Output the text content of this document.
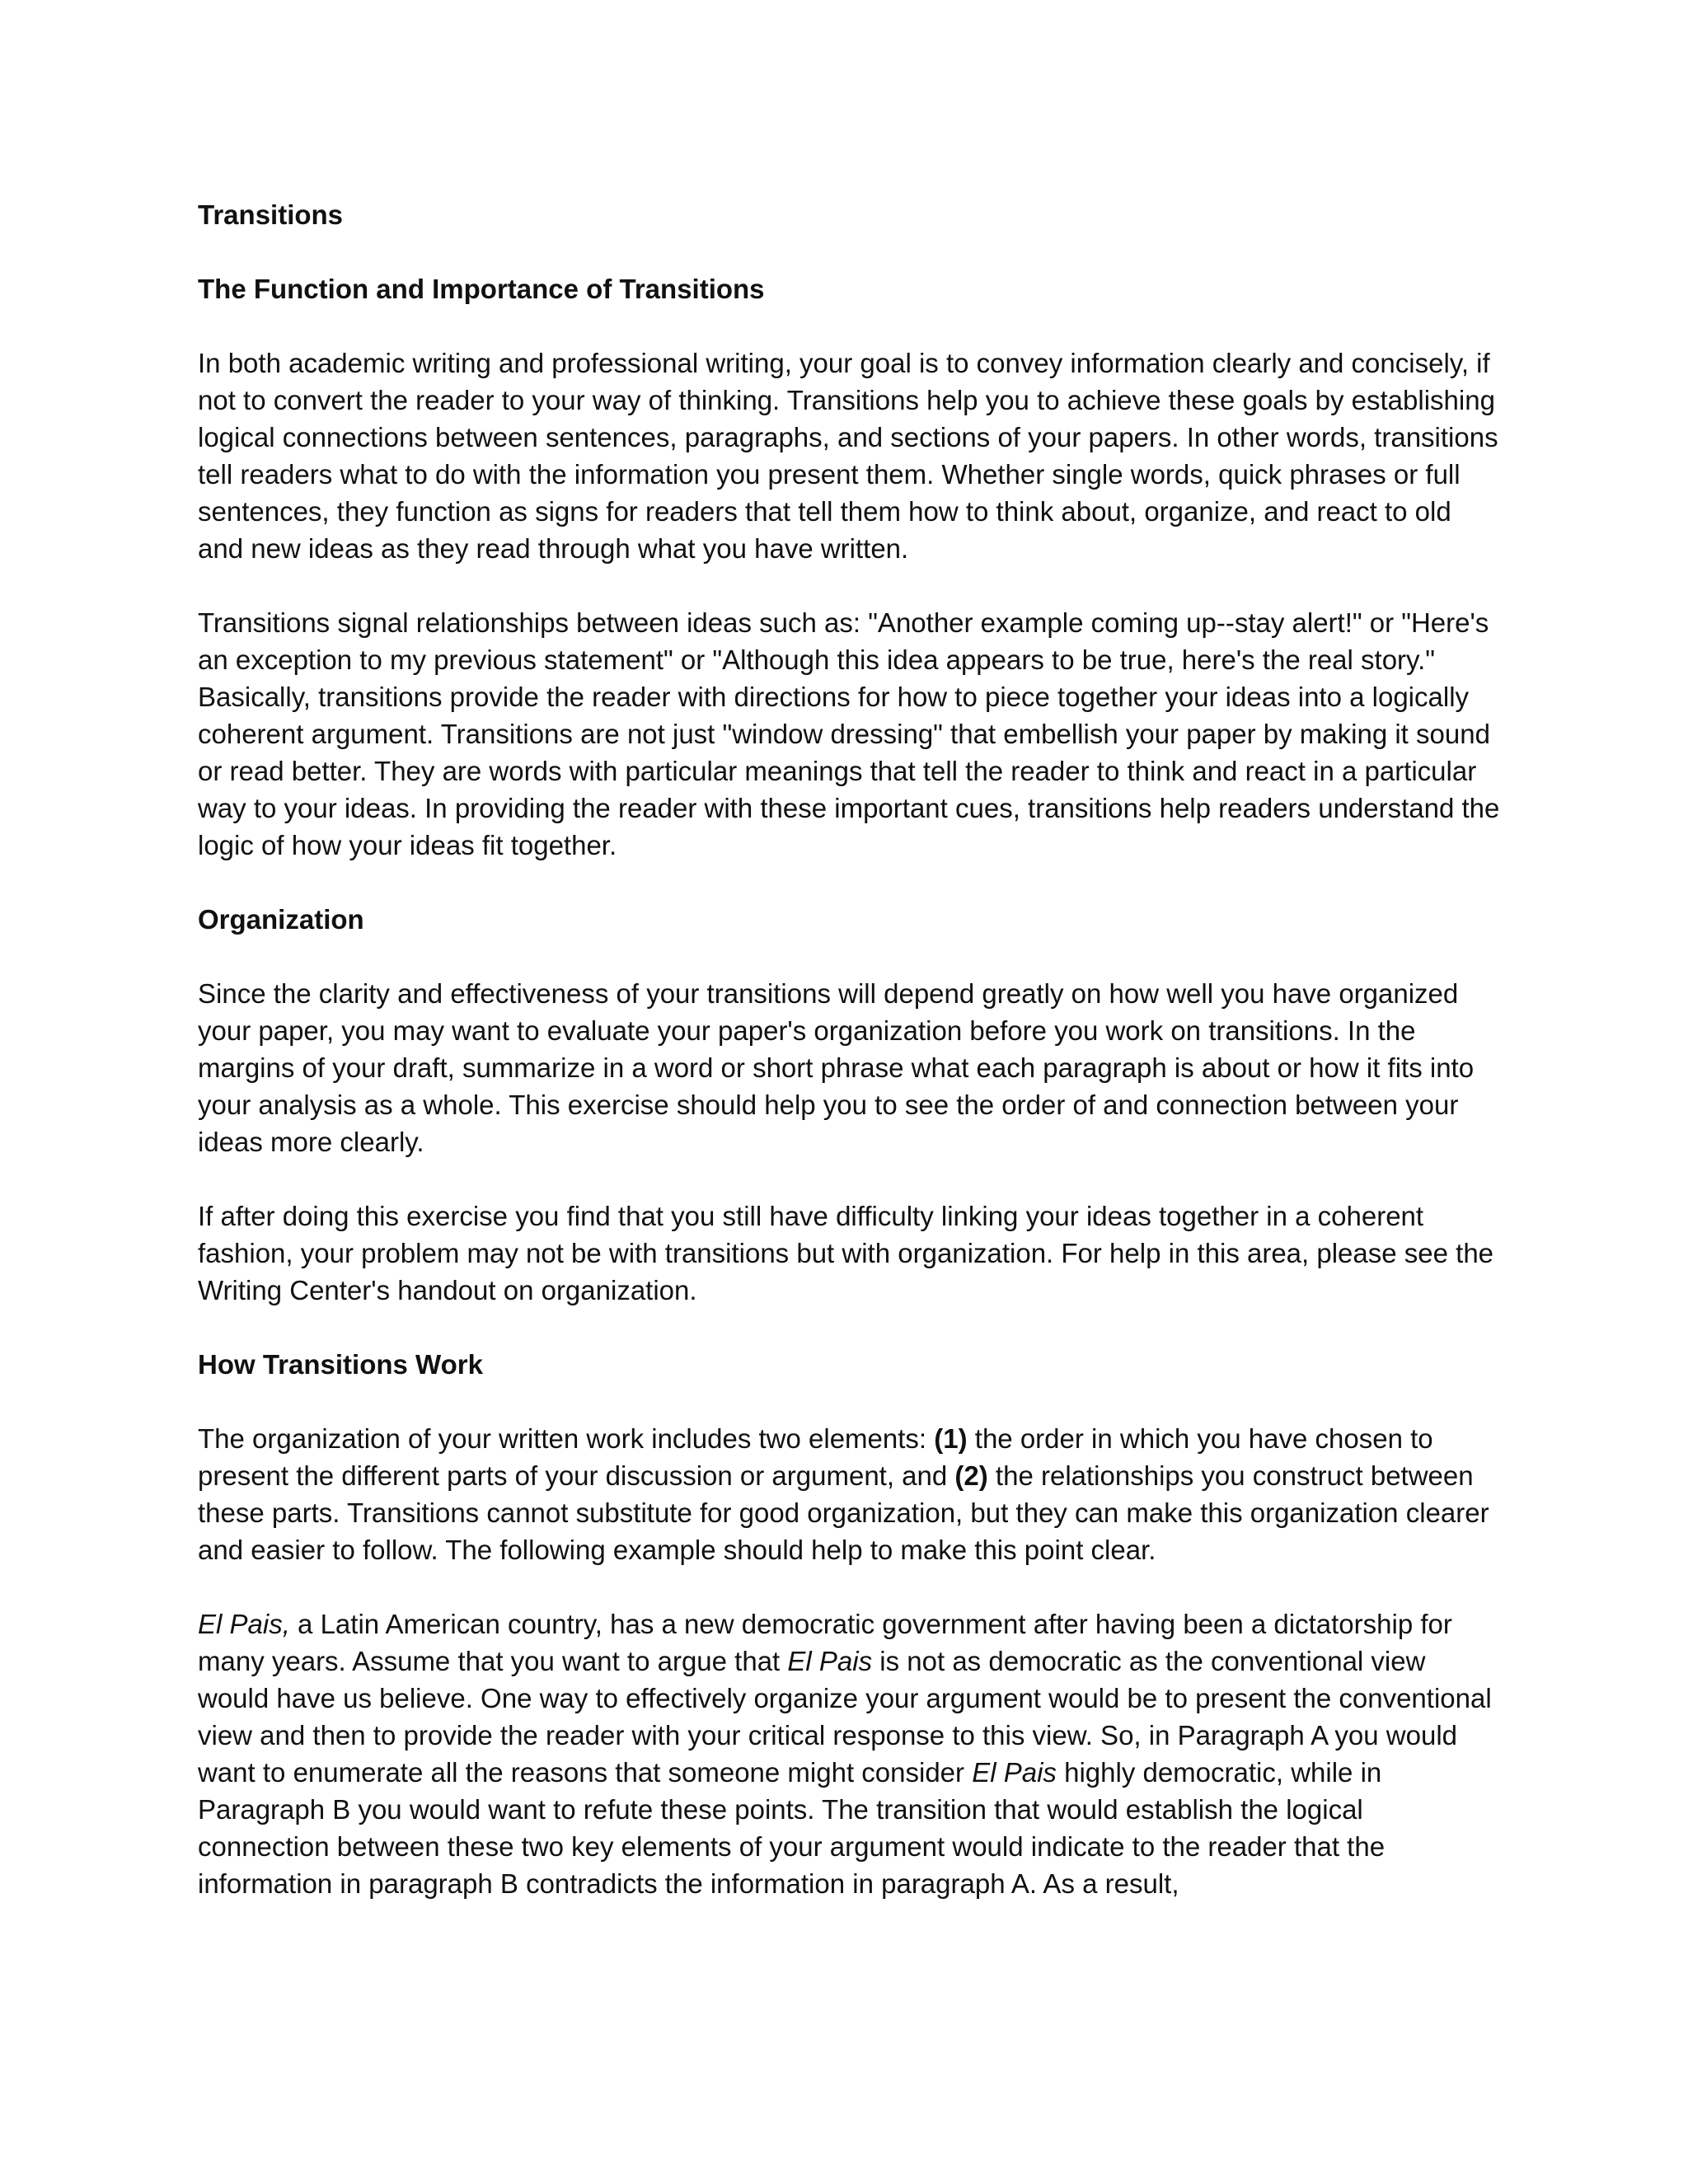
Transitions

The Function and Importance of Transitions

In both academic writing and professional writing, your goal is to convey information clearly and concisely, if not to convert the reader to your way of thinking. Transitions help you to achieve these goals by establishing logical connections between sentences, paragraphs, and sections of your papers. In other words, transitions tell readers what to do with the information you present them. Whether single words, quick phrases or full sentences, they function as signs for readers that tell them how to think about, organize, and react to old and new ideas as they read through what you have written.

Transitions signal relationships between ideas such as: "Another example coming up--stay alert!" or "Here's an exception to my previous statement" or "Although this idea appears to be true, here's the real story." Basically, transitions provide the reader with directions for how to piece together your ideas into a logically coherent argument. Transitions are not just "window dressing" that embellish your paper by making it sound or read better. They are words with particular meanings that tell the reader to think and react in a particular way to your ideas. In providing the reader with these important cues, transitions help readers understand the logic of how your ideas fit together.

Organization

Since the clarity and effectiveness of your transitions will depend greatly on how well you have organized your paper, you may want to evaluate your paper's organization before you work on transitions. In the margins of your draft, summarize in a word or short phrase what each paragraph is about or how it fits into your analysis as a whole. This exercise should help you to see the order of and connection between your ideas more clearly.

If after doing this exercise you find that you still have difficulty linking your ideas together in a coherent fashion, your problem may not be with transitions but with organization. For help in this area, please see the Writing Center's handout on organization.

How Transitions Work

The organization of your written work includes two elements: (1) the order in which you have chosen to present the different parts of your discussion or argument, and (2) the relationships you construct between these parts. Transitions cannot substitute for good organization, but they can make this organization clearer and easier to follow. The following example should help to make this point clear.

El Pais, a Latin American country, has a new democratic government after having been a dictatorship for many years. Assume that you want to argue that El Pais is not as democratic as the conventional view would have us believe. One way to effectively organize your argument would be to present the conventional view and then to provide the reader with your critical response to this view. So, in Paragraph A you would want to enumerate all the reasons that someone might consider El Pais highly democratic, while in Paragraph B you would want to refute these points. The transition that would establish the logical connection between these two key elements of your argument would indicate to the reader that the information in paragraph B contradicts the information in paragraph A. As a result,
